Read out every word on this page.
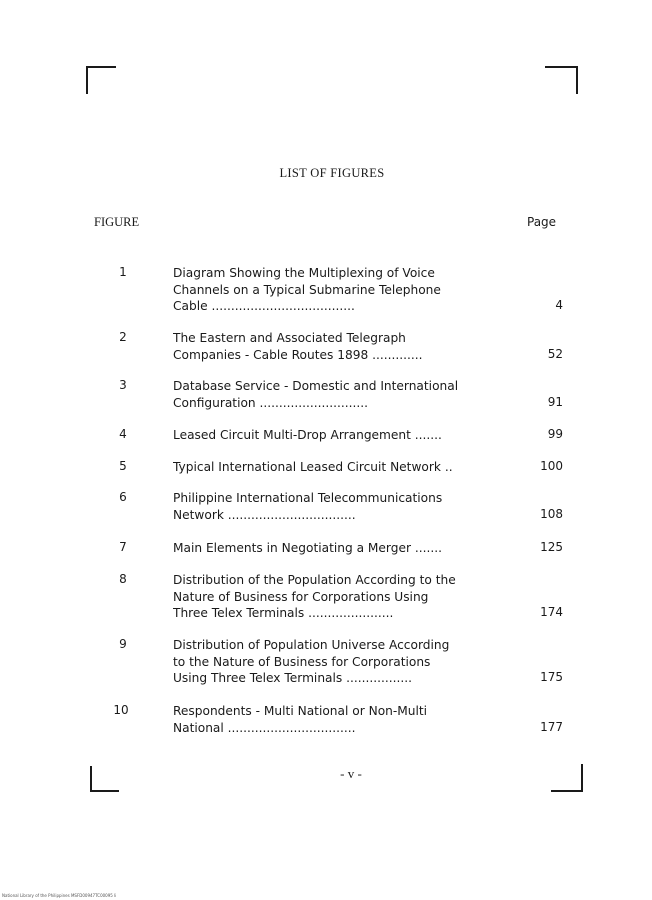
LIST OF FIGURES
FIGURE	Page
1	Diagram Showing the Multiplexing of Voice
Channels on a Typical Submarine Telephone
Cable .....................................	4
2	The Eastern and Associated Telegraph
Companies - Cable Routes 1898 .............	52
3	Database Service - Domestic and International
Configuration ............................	91
4	Leased Circuit Multi-Drop Arrangement .......	99
5	Typical International Leased Circuit Network ..	100
6	Philippine International Telecommunications
Network .................................	108
7	Main Elements in Negotiating a Merger .......	125
8	Distribution of the Population According to the
Nature of Business for Corporations Using
Three Telex Terminals ......................	174
9	Distribution of Population Universe According
to the Nature of Business for Corporations
Using Three Telex Terminals .................	175
10	Respondents - Multi National or Non-Multi
National .................................	177
- v -
National Library of the Philippines MSFD00947TC00095 li
